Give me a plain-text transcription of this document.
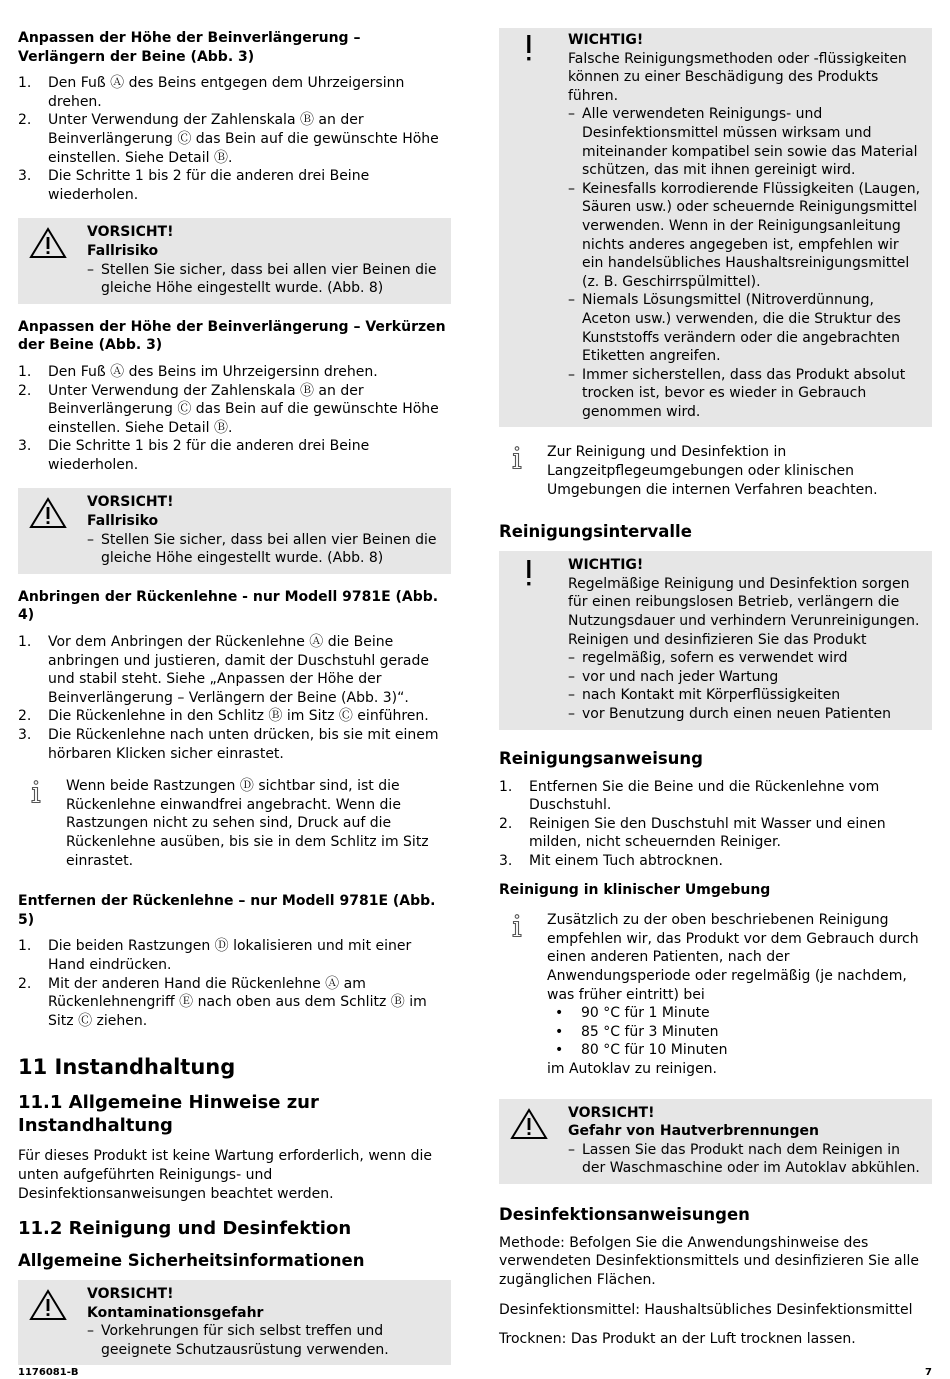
Anpassen der Höhe der Beinverlängerung – Verlängern der Beine (Abb. 3)
1. Den Fuß Ⓐ des Beins entgegen dem Uhrzeigersinn drehen.
2. Unter Verwendung der Zahlenskala Ⓑ an der Beinverlängerung Ⓒ das Bein auf die gewünschte Höhe einstellen. Siehe Detail Ⓑ.
3. Die Schritte 1 bis 2 für die anderen drei Beine wiederholen.
VORSICHT!
Fallrisiko
– Stellen Sie sicher, dass bei allen vier Beinen die gleiche Höhe eingestellt wurde. (Abb. 8)
Anpassen der Höhe der Beinverlängerung – Verkürzen der Beine (Abb. 3)
1. Den Fuß Ⓐ des Beins im Uhrzeigersinn drehen.
2. Unter Verwendung der Zahlenskala Ⓑ an der Beinverlängerung Ⓒ das Bein auf die gewünschte Höhe einstellen. Siehe Detail Ⓑ.
3. Die Schritte 1 bis 2 für die anderen drei Beine wiederholen.
VORSICHT!
Fallrisiko
– Stellen Sie sicher, dass bei allen vier Beinen die gleiche Höhe eingestellt wurde. (Abb. 8)
Anbringen der Rückenlehne - nur Modell 9781E (Abb. 4)
1. Vor dem Anbringen der Rückenlehne Ⓐ die Beine anbringen und justieren, damit der Duschstuhl gerade und stabil steht. Siehe „Anpassen der Höhe der Beinverlängerung – Verlängern der Beine (Abb. 3)“.
2. Die Rückenlehne in den Schlitz Ⓑ im Sitz Ⓒ einführen.
3. Die Rückenlehne nach unten drücken, bis sie mit einem hörbaren Klicken sicher einrastet.
Wenn beide Rastzungen Ⓓ sichtbar sind, ist die Rückenlehne einwandfrei angebracht. Wenn die Rastzungen nicht zu sehen sind, Druck auf die Rückenlehne ausüben, bis sie in dem Schlitz im Sitz einrastet.
Entfernen der Rückenlehne – nur Modell 9781E (Abb. 5)
1. Die beiden Rastzungen Ⓓ lokalisieren und mit einer Hand eindrücken.
2. Mit der anderen Hand die Rückenlehne Ⓐ am Rückenlehnengriff Ⓔ nach oben aus dem Schlitz Ⓑ im Sitz Ⓒ ziehen.
11 Instandhaltung
11.1 Allgemeine Hinweise zur Instandhaltung

Für dieses Produkt ist keine Wartung erforderlich, wenn die unten aufgeführten Reinigungs- und Desinfektionsanweisungen beachtet werden.

11.2 Reinigung und Desinfektion
Allgemeine Sicherheitsinformationen
VORSICHT!
Kontaminationsgefahr
– Vorkehrungen für sich selbst treffen und geeignete Schutzausrüstung verwenden.
WICHTIG!
Falsche Reinigungsmethoden oder -flüssigkeiten können zu einer Beschädigung des Produkts führen.
– Alle verwendeten Reinigungs- und Desinfektionsmittel müssen wirksam und miteinander kompatibel sein sowie das Material schützen, das mit ihnen gereinigt wird.
– Keinesfalls korrodierende Flüssigkeiten (Laugen, Säuren usw.) oder scheuernde Reinigungsmittel verwenden. Wenn in der Reinigungsanleitung nichts anderes angegeben ist, empfehlen wir ein handelsübliches Haushaltsreinigungsmittel (z. B. Geschirrspülmittel).
– Niemals Lösungsmittel (Nitroverdünnung, Aceton usw.) verwenden, die die Struktur des Kunststoffs verändern oder die angebrachten Etiketten angreifen.
– Immer sicherstellen, dass das Produkt absolut trocken ist, bevor es wieder in Gebrauch genommen wird.
Zur Reinigung und Desinfektion in Langzeitpflegeumgebungen oder klinischen Umgebungen die internen Verfahren beachten.
Reinigungsintervalle
WICHTIG!
Regelmäßige Reinigung und Desinfektion sorgen für einen reibungslosen Betrieb, verlängern die Nutzungsdauer und verhindern Verunreinigungen. Reinigen und desinfizieren Sie das Produkt
– regelmäßig, sofern es verwendet wird
– vor und nach jeder Wartung
– nach Kontakt mit Körperflüssigkeiten
– vor Benutzung durch einen neuen Patienten
Reinigungsanweisung
1. Entfernen Sie die Beine und die Rückenlehne vom Duschstuhl.
2. Reinigen Sie den Duschstuhl mit Wasser und einen milden, nicht scheuernden Reiniger.
3. Mit einem Tuch abtrocknen.
Reinigung in klinischer Umgebung
Zusätzlich zu der oben beschriebenen Reinigung empfehlen wir, das Produkt vor dem Gebrauch durch einen anderen Patienten, nach der Anwendungsperiode oder regelmäßig (je nachdem, was früher eintritt) bei
• 90 °C für 1 Minute
• 85 °C für 3 Minuten
• 80 °C für 10 Minuten
im Autoklav zu reinigen.
VORSICHT!
Gefahr von Hautverbrennungen
– Lassen Sie das Produkt nach dem Reinigen in der Waschmaschine oder im Autoklav abkühlen.
Desinfektionsanweisungen

Methode: Befolgen Sie die Anwendungshinweise des verwendeten Desinfektionsmittels und desinfizieren Sie alle zugänglichen Flächen.

Desinfektionsmittel: Haushaltsübliches Desinfektionsmittel

Trocknen: Das Produkt an der Luft trocknen lassen.

1176081-B	7
